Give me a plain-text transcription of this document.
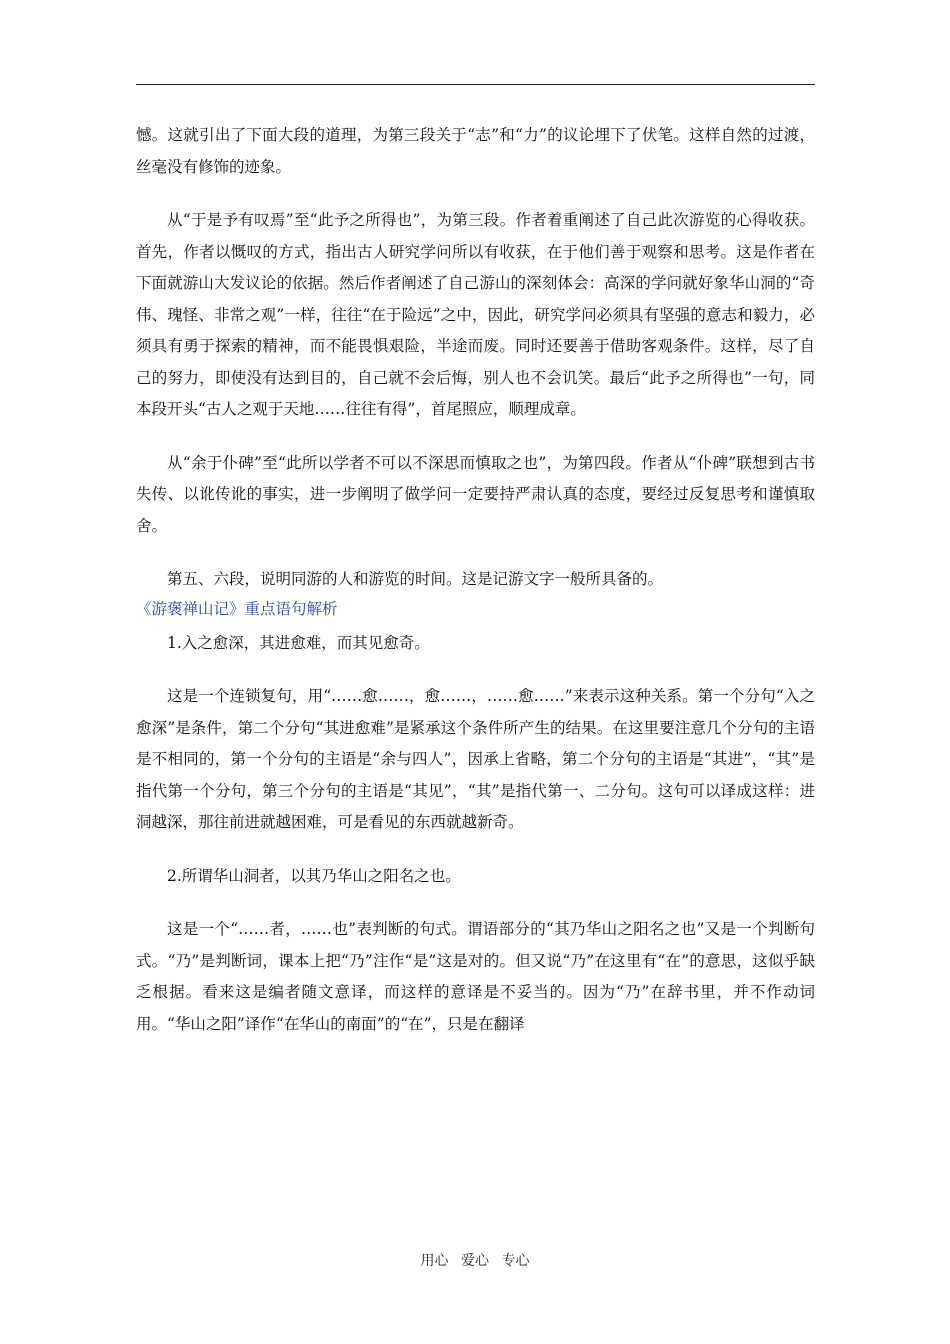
憾。这就引出了下面大段的道理，为第三段关于“志”和“力”的议论埋下了伏笔。这样自然的过渡，丝毫没有修饰的迹象。

从“于是予有叹焉”至“此予之所得也”，为第三段。作者着重阐述了自己此次游览的心得收获。首先，作者以慨叹的方式，指出古人研究学问所以有收获，在于他们善于观察和思考。这是作者在下面就游山大发议论的依据。然后作者阐述了自己游山的深刻体会：高深的学问就好象华山洞的“奇伟、瑰怪、非常之观”一样，往往“在于险远”之中，因此，研究学问必须具有坚强的意志和毅力，必须具有勇于探索的精神，而不能畏惧艰险，半途而废。同时还要善于借助客观条件。这样，尽了自己的努力，即使没有达到目的，自己就不会后悔，别人也不会讥笑。最后“此予之所得也”一句，同本段开头“古人之观于天地……往往有得”，首尾照应，顺理成章。

从“余于仆碑”至“此所以学者不可以不深思而慎取之也”，为第四段。作者从“仆碑”联想到古书失传、以讹传讹的事实，进一步阐明了做学问一定要持严肃认真的态度，要经过反复思考和谨慎取舍。

第五、六段，说明同游的人和游览的时间。这是记游文字一般所具备的。

《游褒禅山记》重点语句解析

1.入之愈深，其进愈难，而其见愈奇。

这是一个连锁复句，用“……愈……，愈……，……愈……”来表示这种关系。第一个分句“入之愈深”是条件，第二个分句“其进愈难”是紧承这个条件所产生的结果。在这里要注意几个分句的主语是不相同的，第一个分句的主语是“余与四人”，因承上省略，第二个分句的主语是“其进”，“其”是指代第一个分句，第三个分句的主语是“其见”，“其”是指代第一、二分句。这句可以译成这样：进洞越深，那往前进就越困难，可是看见的东西就越新奇。

2.所谓华山洞者，以其乃华山之阳名之也。

这是一个“……者，……也”表判断的句式。谓语部分的“其乃华山之阳名之也”又是一个判断句式。“乃”是判断词，课本上把“乃”注作“是”这是对的。但又说“乃”在这里有“在”的意思，这似乎缺乏根据。看来这是编者随文意译，而这样的意译是不妥当的。因为“乃”在辞书里，并不作动词用。“华山之阳”译作“在华山的南面”的“在”，只是在翻译

用心 爱心 专心
